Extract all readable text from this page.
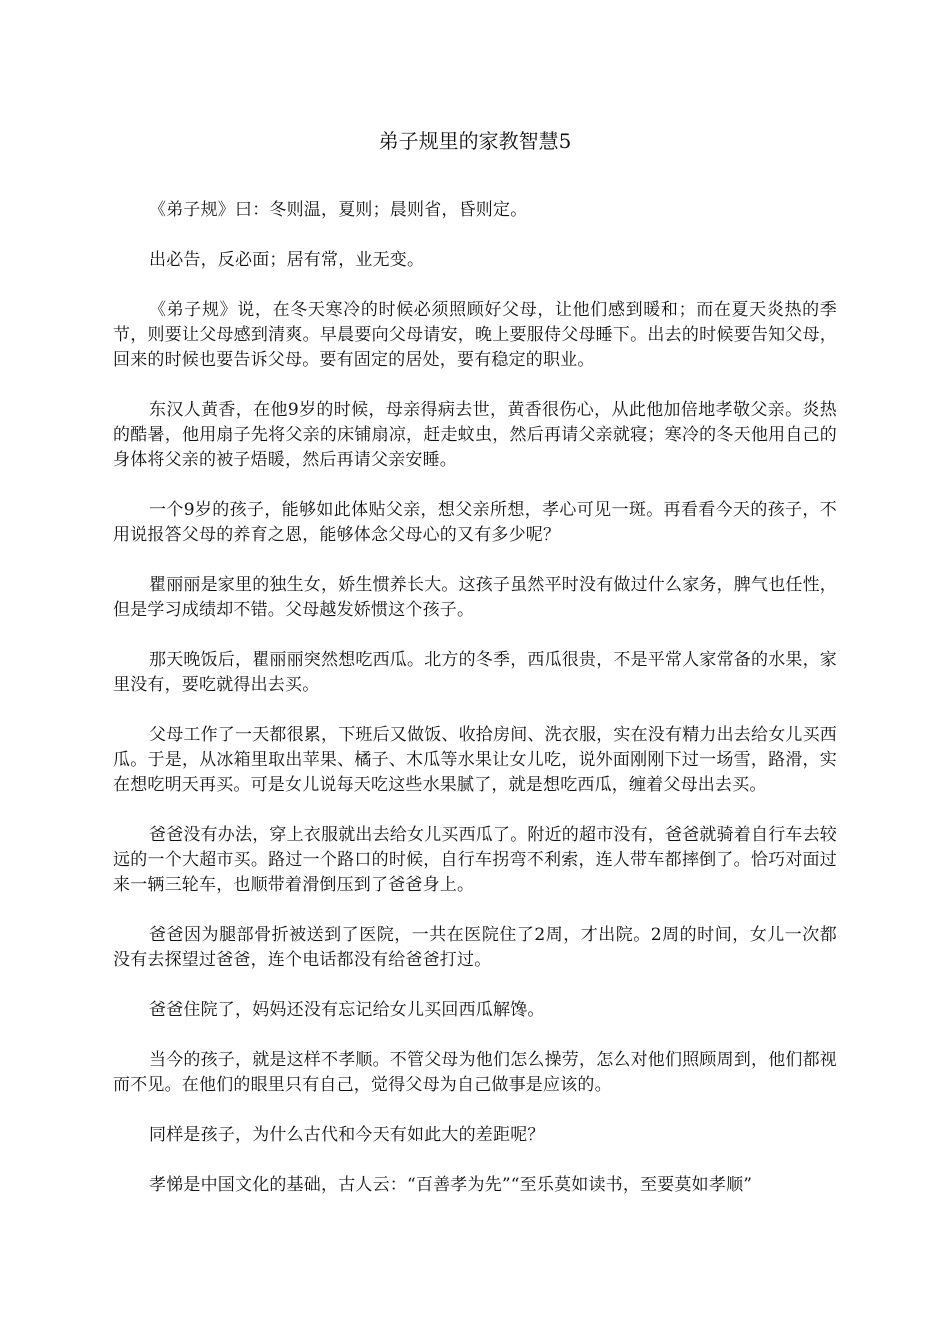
弟子规里的家教智慧5

《弟子规》曰：冬则温，夏则；晨则省，昏则定。

出必告，反必面；居有常，业无变。

《弟子规》说，在冬天寒冷的时候必须照顾好父母，让他们感到暖和；而在夏天炎热的季节，则要让父母感到清爽。早晨要向父母请安，晚上要服侍父母睡下。出去的时候要告知父母，回来的时候也要告诉父母。要有固定的居处，要有稳定的职业。

东汉人黄香，在他9岁的时候，母亲得病去世，黄香很伤心，从此他加倍地孝敬父亲。炎热的酷暑，他用扇子先将父亲的床铺扇凉，赶走蚊虫，然后再请父亲就寝；寒冷的冬天他用自己的身体将父亲的被子焐暖，然后再请父亲安睡。

一个9岁的孩子，能够如此体贴父亲，想父亲所想，孝心可见一斑。再看看今天的孩子，不用说报答父母的养育之恩，能够体念父母心的又有多少呢？

瞿丽丽是家里的独生女，娇生惯养长大。这孩子虽然平时没有做过什么家务，脾气也任性，但是学习成绩却不错。父母越发娇惯这个孩子。

那天晚饭后，瞿丽丽突然想吃西瓜。北方的冬季，西瓜很贵，不是平常人家常备的水果，家里没有，要吃就得出去买。

父母工作了一天都很累，下班后又做饭、收拾房间、洗衣服，实在没有精力出去给女儿买西瓜。于是，从冰箱里取出苹果、橘子、木瓜等水果让女儿吃，说外面刚刚下过一场雪，路滑，实在想吃明天再买。可是女儿说每天吃这些水果腻了，就是想吃西瓜，缠着父母出去买。

爸爸没有办法，穿上衣服就出去给女儿买西瓜了。附近的超市没有，爸爸就骑着自行车去较远的一个大超市买。路过一个路口的时候，自行车拐弯不利索，连人带车都摔倒了。恰巧对面过来一辆三轮车，也顺带着滑倒压到了爸爸身上。

爸爸因为腿部骨折被送到了医院，一共在医院住了2周，才出院。2周的时间，女儿一次都没有去探望过爸爸，连个电话都没有给爸爸打过。

爸爸住院了，妈妈还没有忘记给女儿买回西瓜解馋。

当今的孩子，就是这样不孝顺。不管父母为他们怎么操劳，怎么对他们照顾周到，他们都视而不见。在他们的眼里只有自己，觉得父母为自己做事是应该的。

同样是孩子，为什么古代和今天有如此大的差距呢？

孝悌是中国文化的基础，古人云：“百善孝为先”“至乐莫如读书，至要莫如孝顺”
